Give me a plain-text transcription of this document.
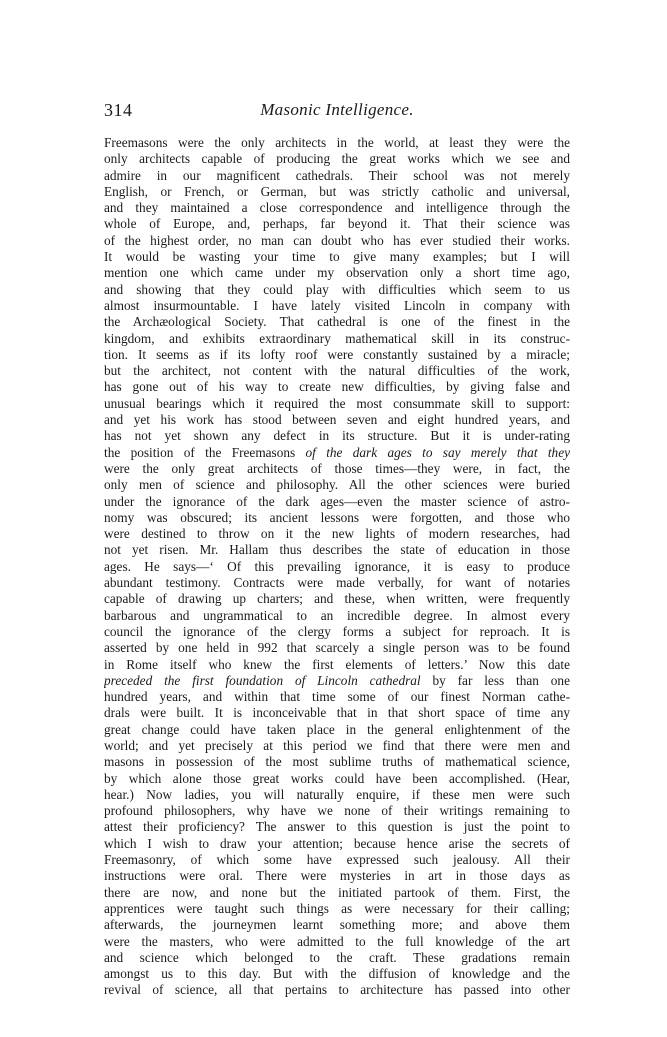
314	Masonic Intelligence.
Freemasons were the only architects in the world, at least they were the
only architects capable of producing the great works which we see and
admire in our magnificent cathedrals. Their school was not merely
English, or French, or German, but was strictly catholic and universal,
and they maintained a close correspondence and intelligence through the
whole of Europe, and, perhaps, far beyond it. That their science was
of the highest order, no man can doubt who has ever studied their works.
It would be wasting your time to give many examples; but I will
mention one which came under my observation only a short time ago,
and showing that they could play with difficulties which seem to us
almost insurmountable. I have lately visited Lincoln in company with
the Archæological Society. That cathedral is one of the finest in the
kingdom, and exhibits extraordinary mathematical skill in its construc-
tion. It seems as if its lofty roof were constantly sustained by a miracle;
but the architect, not content with the natural difficulties of the work,
has gone out of his way to create new difficulties, by giving false and
unusual bearings which it required the most consummate skill to support:
and yet his work has stood between seven and eight hundred years, and
has not yet shown any defect in its structure. But it is under-rating
the position of the Freemasons of the dark ages to say merely that they
were the only great architects of those times—they were, in fact, the
only men of science and philosophy. All the other sciences were buried
under the ignorance of the dark ages—even the master science of astro-
nomy was obscured; its ancient lessons were forgotten, and those who
were destined to throw on it the new lights of modern researches, had
not yet risen. Mr. Hallam thus describes the state of education in those
ages. He says—‘ Of this prevailing ignorance, it is easy to produce
abundant testimony. Contracts were made verbally, for want of notaries
capable of drawing up charters; and these, when written, were frequently
barbarous and ungrammatical to an incredible degree. In almost every
council the ignorance of the clergy forms a subject for reproach. It is
asserted by one held in 992 that scarcely a single person was to be found
in Rome itself who knew the first elements of letters.’ Now this date
preceded the first foundation of Lincoln cathedral by far less than one
hundred years, and within that time some of our finest Norman cathe-
drals were built. It is inconceivable that in that short space of time any
great change could have taken place in the general enlightenment of the
world; and yet precisely at this period we find that there were men and
masons in possession of the most sublime truths of mathematical science,
by which alone those great works could have been accomplished. (Hear,
hear.) Now ladies, you will naturally enquire, if these men were such
profound philosophers, why have we none of their writings remaining to
attest their proficiency? The answer to this question is just the point to
which I wish to draw your attention; because hence arise the secrets of
Freemasonry, of which some have expressed such jealousy. All their
instructions were oral. There were mysteries in art in those days as
there are now, and none but the initiated partook of them. First, the
apprentices were taught such things as were necessary for their calling;
afterwards, the journeymen learnt something more; and above them
were the masters, who were admitted to the full knowledge of the art
and science which belonged to the craft. These gradations remain
amongst us to this day. But with the diffusion of knowledge and the
revival of science, all that pertains to architecture has passed into other
